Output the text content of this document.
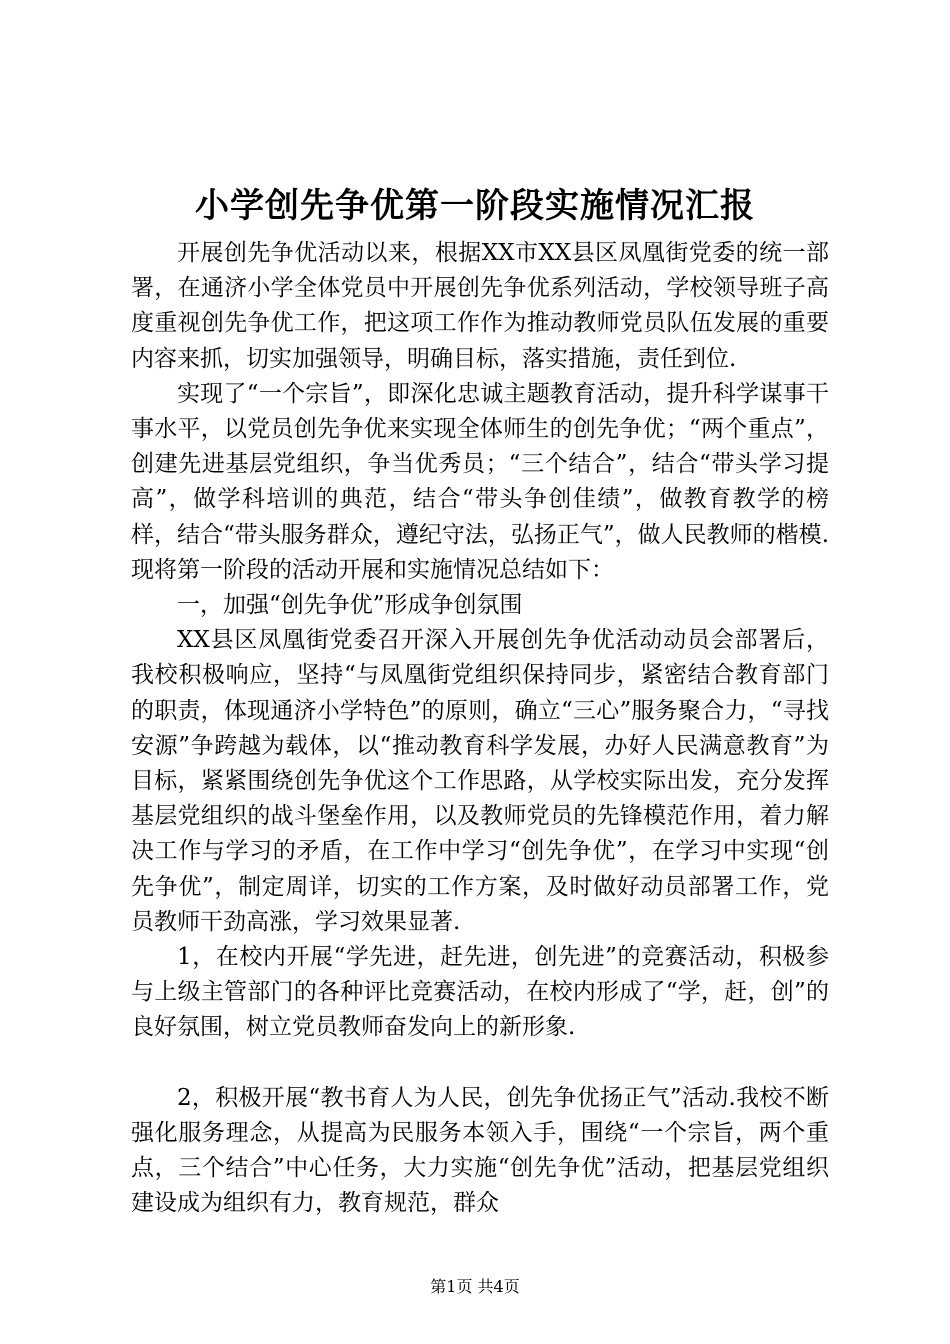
小学创先争优第一阶段实施情况汇报

开展创先争优活动以来，根据XX市XX县区凤凰街党委的统一部署，在通济小学全体党员中开展创先争优系列活动，学校领导班子高度重视创先争优工作，把这项工作作为推动教师党员队伍发展的重要内容来抓，切实加强领导，明确目标，落实措施，责任到位.

实现了“一个宗旨”，即深化忠诚主题教育活动，提升科学谋事干事水平，以党员创先争优来实现全体师生的创先争优；“两个重点”，创建先进基层党组织，争当优秀员；“三个结合”，结合“带头学习提高”，做学科培训的典范，结合“带头争创佳绩”，做教育教学的榜样，结合“带头服务群众，遵纪守法，弘扬正气”，做人民教师的楷模.现将第一阶段的活动开展和实施情况总结如下：

一，加强“创先争优”形成争创氛围

XX县区凤凰街党委召开深入开展创先争优活动动员会部署后，我校积极响应，坚持“与凤凰街党组织保持同步，紧密结合教育部门的职责，体现通济小学特色”的原则，确立“三心”服务聚合力，“寻找安源”争跨越为载体，以“推动教育科学发展，办好人民满意教育”为目标，紧紧围绕创先争优这个工作思路，从学校实际出发，充分发挥基层党组织的战斗堡垒作用，以及教师党员的先锋模范作用，着力解决工作与学习的矛盾，在工作中学习“创先争优”，在学习中实现“创先争优”，制定周详，切实的工作方案，及时做好动员部署工作，党员教师干劲高涨，学习效果显著.

1，在校内开展“学先进，赶先进，创先进”的竞赛活动，积极参与上级主管部门的各种评比竞赛活动，在校内形成了“学，赶，创”的良好氛围，树立党员教师奋发向上的新形象.

2，积极开展“教书育人为人民，创先争优扬正气”活动.我校不断强化服务理念，从提高为民服务本领入手，围绕“一个宗旨，两个重点，三个结合”中心任务，大力实施“创先争优”活动，把基层党组织建设成为组织有力，教育规范，群众

第1页 共4页
